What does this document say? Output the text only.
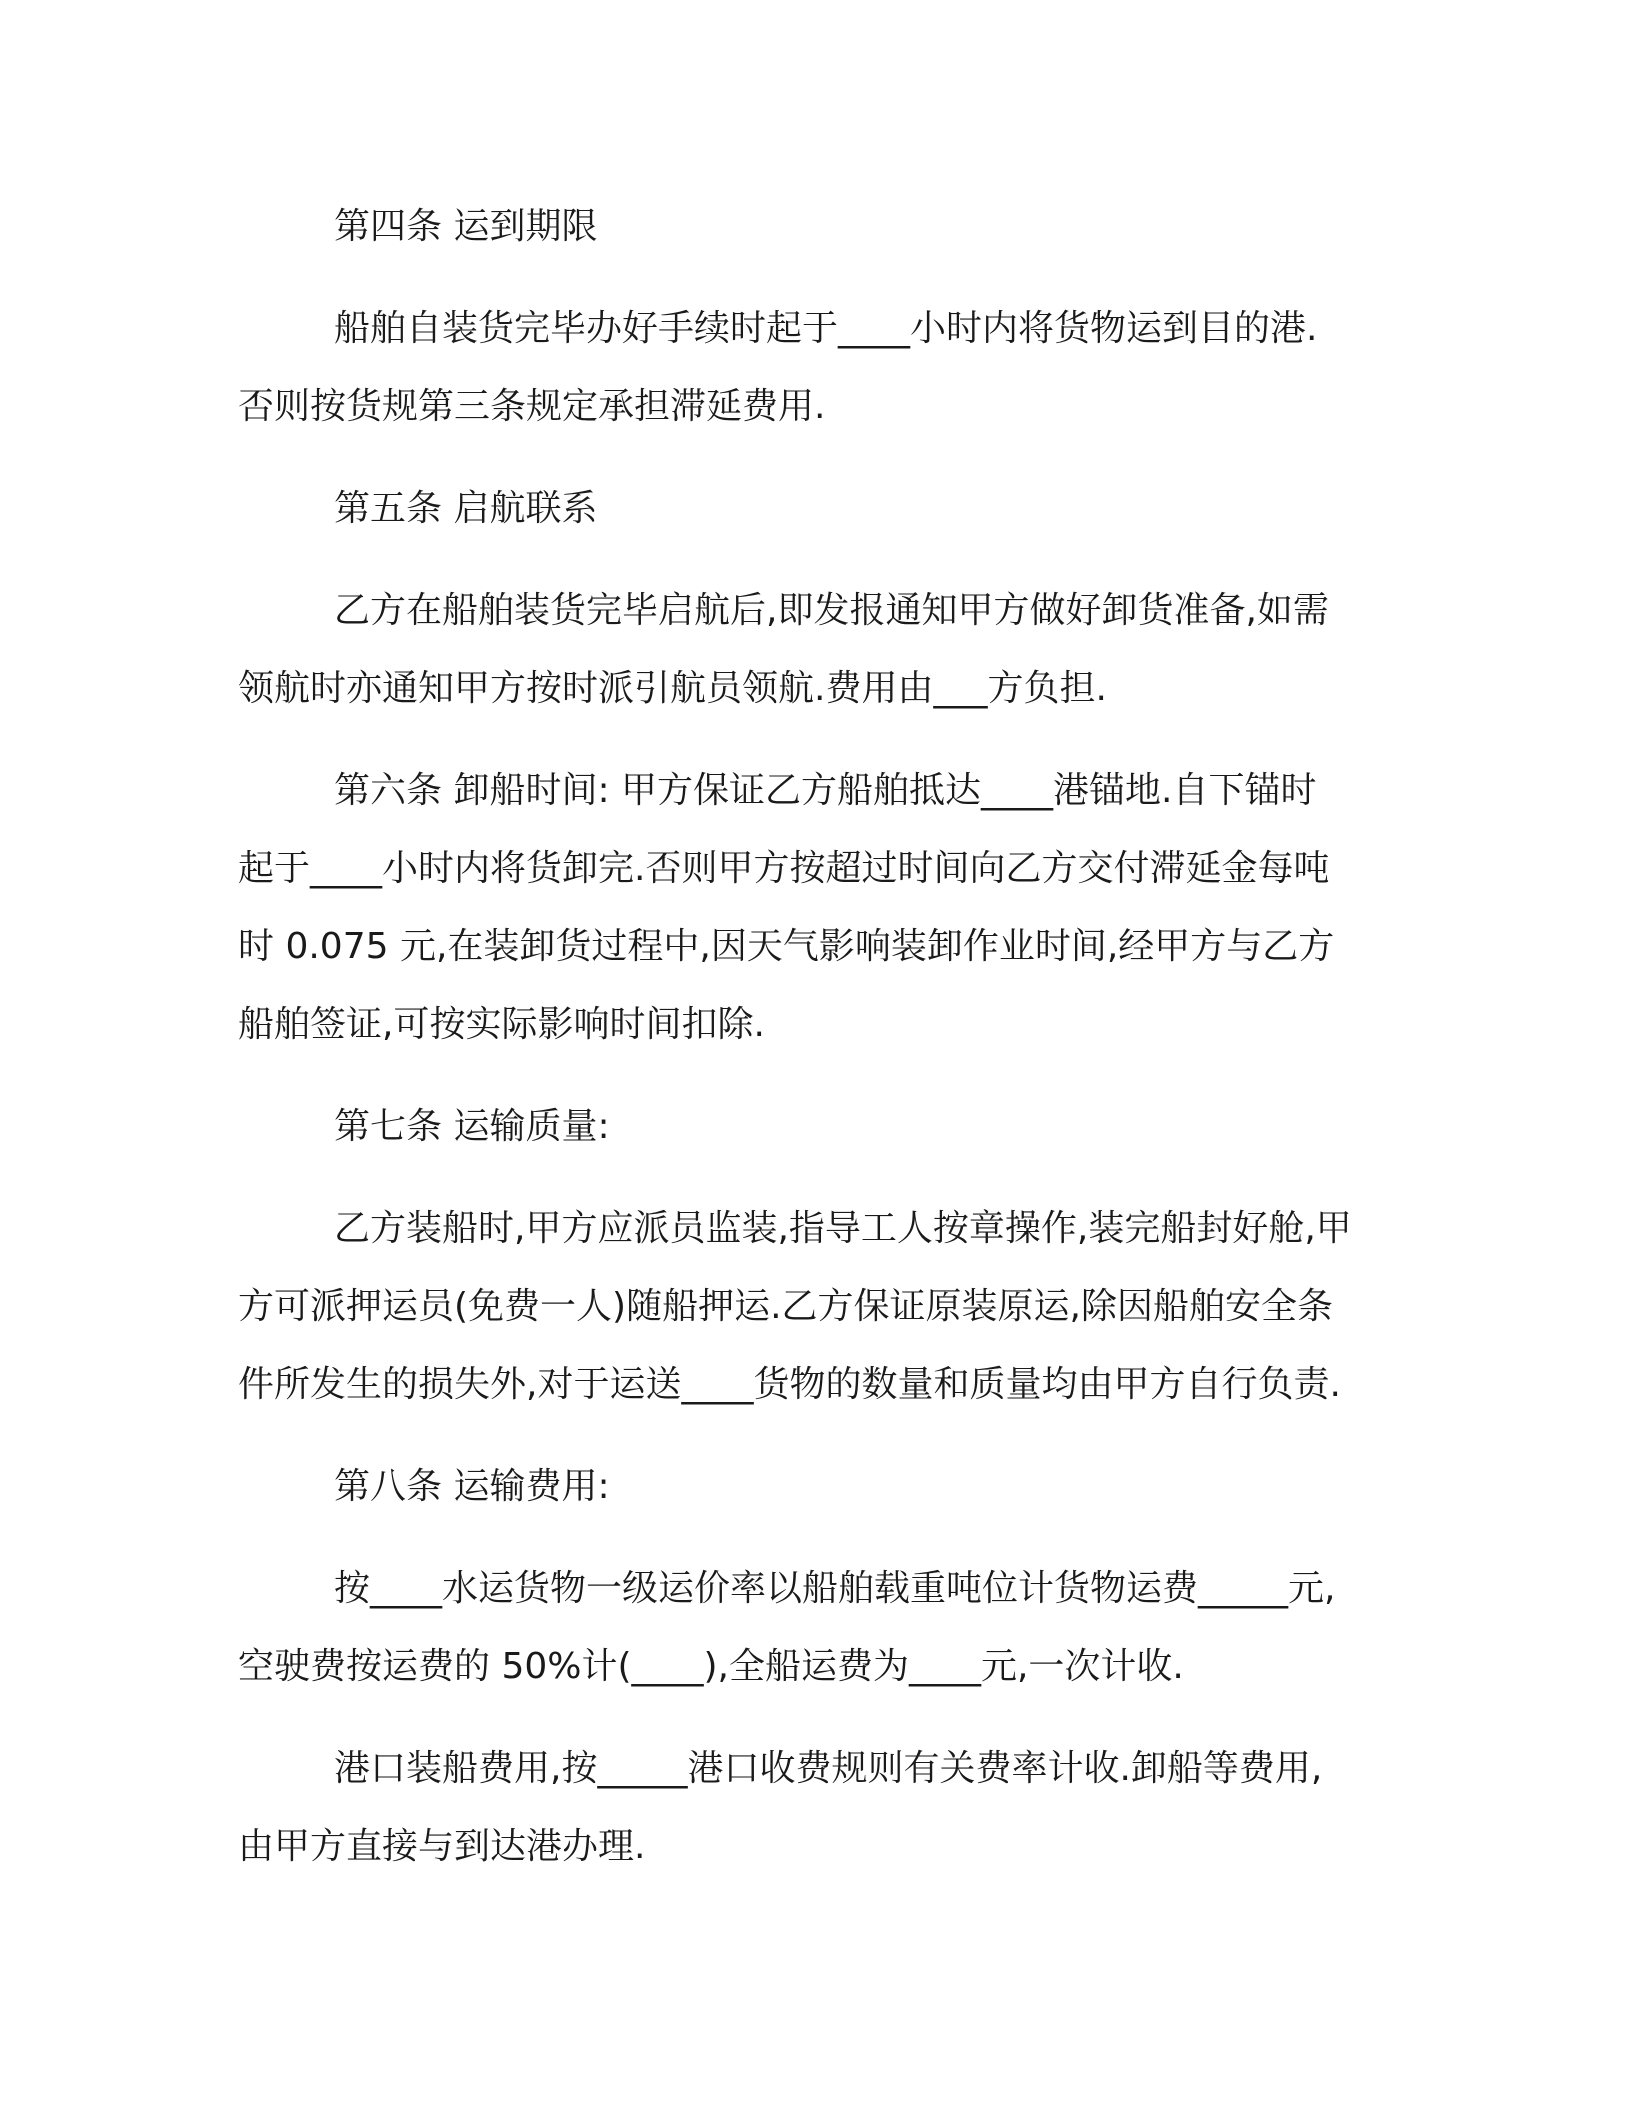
第四条 运到期限
船舶自装货完毕办好手续时起于____小时内将货物运到目的港.
否则按货规第三条规定承担滞延费用.
第五条 启航联系
乙方在船舶装货完毕启航后,即发报通知甲方做好卸货准备,如需
领航时亦通知甲方按时派引航员领航.费用由___方负担.
第六条 卸船时间: 甲方保证乙方船舶抵达____港锚地.自下锚时
起于____小时内将货卸完.否则甲方按超过时间向乙方交付滞延金每吨
时 0.075 元,在装卸货过程中,因天气影响装卸作业时间,经甲方与乙方
船舶签证,可按实际影响时间扣除.
第七条 运输质量:
乙方装船时,甲方应派员监装,指导工人按章操作,装完船封好舱,甲
方可派押运员(免费一人)随船押运.乙方保证原装原运,除因船舶安全条
件所发生的损失外,对于运送____货物的数量和质量均由甲方自行负责.
第八条 运输费用:
按____水运货物一级运价率以船舶载重吨位计货物运费_____元,
空驶费按运费的 50%计(____),全船运费为____元,一次计收.
港口装船费用,按_____港口收费规则有关费率计收.卸船等费用,
由甲方直接与到达港办理.
